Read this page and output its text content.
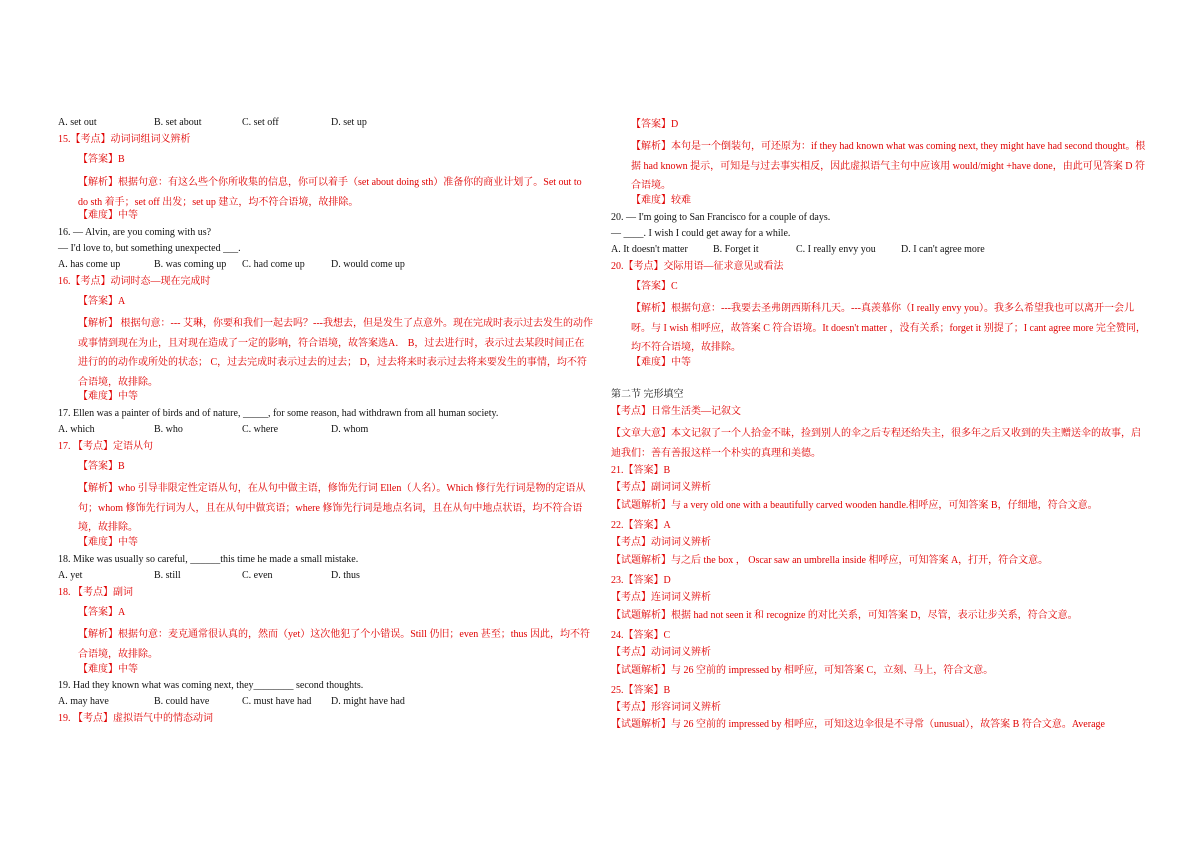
A. set out	B. set about	C. set off	D. set up
15.【考点】动词词组词义辨析
【答案】B
【解析】根据句意：有这么些个你所收集的信息，你可以着手（set about doing sth）准备你的商业计划了。Set out to do sth 着手；set off 出发；set up 建立，均不符合语境，故排除。
【难度】中等
16. — Alvin, are you coming with us?
— I'd love to, but something unexpected ___.
A. has come up	B. was coming up C. had come up	D. would come up
16.【考点】动词时态—现在完成时
【答案】A
【解析】 根据句意：--- 艾琳，你要和我们一起去吗？---我想去，但是发生了点意外。现在完成时表示过去发生的动作或事情到现在为止，且对现在造成了一定的影响，符合语境，故答案选A． B，过去进行时，表示过去某段时间正在进行的的动作或所处的状态； C，过去完成时表示过去的过去； D，过去将来时表示过去将来要发生的事情，均不符合语境，故排除。
【难度】中等
17. Ellen was a painter of birds and of nature, _____, for some reason, had withdrawn from all human society.
A. which	B. who	C. where	D. whom
17. 【考点】定语从句
【答案】B
【解析】who 引导非限定性定语从句，在从句中做主语，修饰先行词 Ellen（人名）。Which 修行先行词是物的定语从句；whom 修饰先行词为人，且在从句中做宾语；where 修饰先行词是地点名词，且在从句中地点状语，均不符合语境，故排除。
【难度】中等
18. Mike was usually so careful, ______this time he made a small mistake.
A. yet	B. still	C. even	D. thus
18. 【考点】副词
【答案】A
【解析】根据句意：麦克通常很认真的，然而（yet）这次他犯了个小错误。Still 仍旧；even 甚至；thus 因此，均不符合语境，故排除。
【难度】中等
19. Had they known what was coming next, they________ second thoughts.
A. may have	B. could have	C. must have had D. might have had
19. 【考点】虚拟语气中的情态动词
【答案】D
【解析】本句是一个倒装句，可还原为：if they had known what was coming next, they might have had second thought。根据 had known 提示，可知是与过去事实相反，因此虚拟语气主句中应该用 would/might +have done，由此可见答案 D 符合语境。
【难度】较难
20. — I'm going to San Francisco for a couple of days.
— ____. I wish I could get away for a while.
A. It doesn't matter	B. Forget it	C. I really envy you	D. I can't agree more
20.【考点】交际用语—征求意见或看法
【答案】C
【解析】根据句意：---我要去圣弗朗西斯科几天。---真羡慕你（I really envy you）。我多么希望我也可以离开一会儿呀。与 I wish 相呼应，故答案 C 符合语境。It doesn't matter ，没有关系；forget it 别提了；I cant agree more 完全赞同，均不符合语境，故排除。
【难度】中等
第二节 完形填空
【考点】日常生活类—记叙文
【文章大意】本文记叙了一个人拾金不昧，捡到别人的伞之后专程还给失主，很多年之后又收到的失主赠送伞的故事，启迪我们：善有善报这样一个朴实的真理和美德。
21.【答案】B
【考点】副词词义辨析
【试题解析】与 a very old one with a beautifully carved wooden handle.相呼应，可知答案 B，仔细地，符合文意。
22.【答案】A
【考点】动词词义辨析
【试题解析】与之后 the box ， Oscar saw an umbrella inside 相呼应，可知答案 A，打开，符合文意。
23.【答案】D
【考点】连词词义辨析
【试题解析】根据 had not seen it 和 recognize 的对比关系，可知答案 D，尽管，表示让步关系，符合文意。
24.【答案】C
【考点】动词词义辨析
【试题解析】与 26 空前的 impressed by 相呼应，可知答案 C，立刻、马上，符合文意。
25.【答案】B
【考点】形容词词义辨析
【试题解析】与 26 空前的 impressed by 相呼应，可知这边伞很是不寻常（unusual），故答案 B 符合文意。Average
